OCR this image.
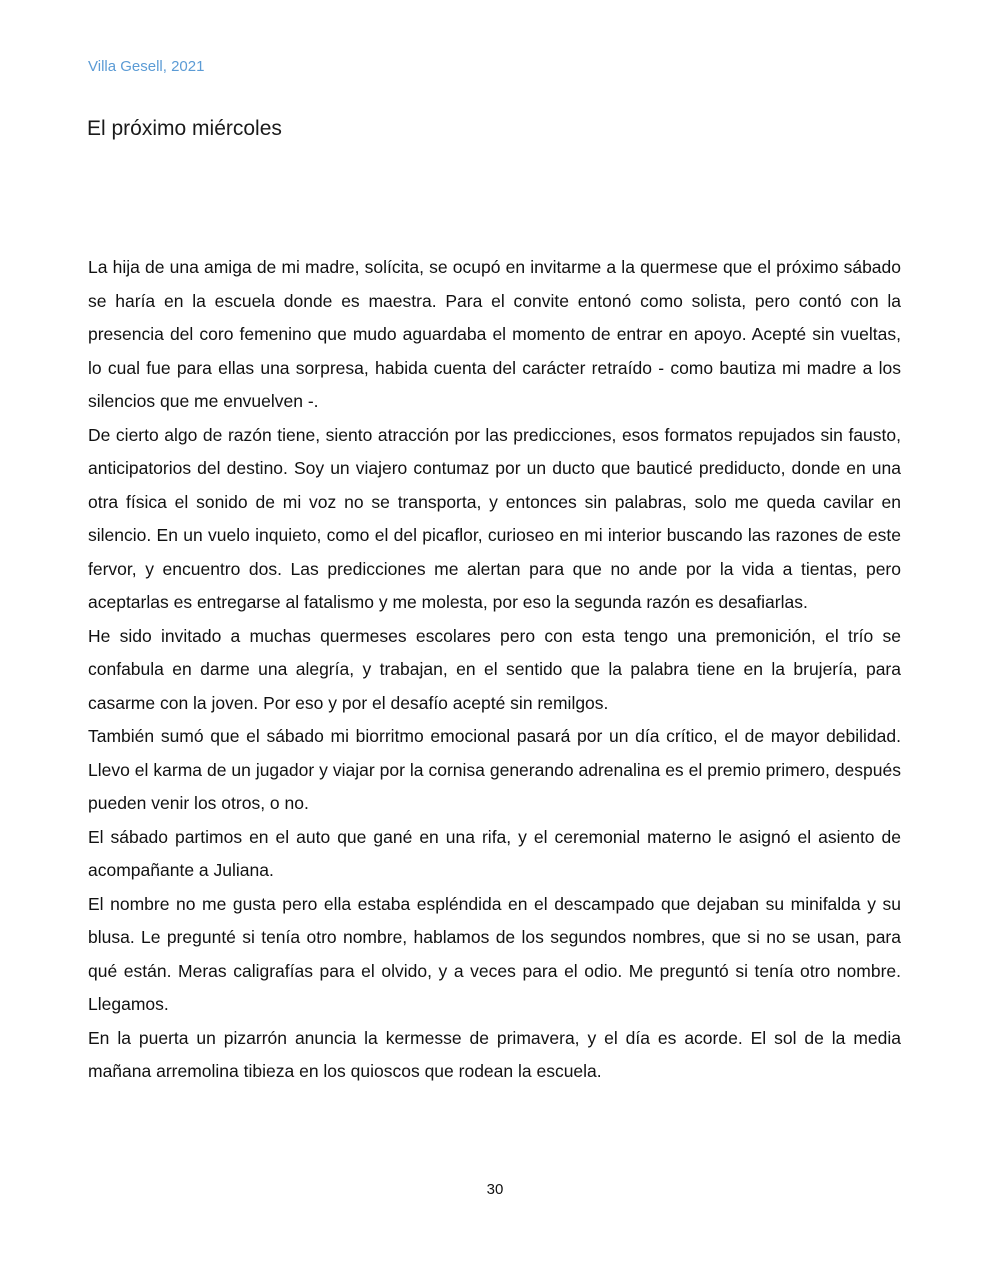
Villa Gesell, 2021
El próximo miércoles

La hija de una amiga de mi madre, solícita, se ocupó en invitarme a la quermese que el próximo sábado se haría en la escuela donde es maestra. Para el convite entonó como solista, pero contó con la presencia del coro femenino que mudo aguardaba el momento de entrar en apoyo. Acepté sin vueltas, lo cual fue para ellas una sorpresa, habida cuenta del carácter retraído - como bautiza mi madre a los silencios que me envuelven -.

De cierto algo de razón tiene, siento atracción por las predicciones, esos formatos repujados sin fausto, anticipatorios del destino. Soy un viajero contumaz por un ducto que bauticé prediducto, donde en una otra física el sonido de mi voz no se transporta, y entonces sin palabras, solo me queda cavilar en silencio. En un vuelo inquieto, como el del picaflor, curioseo en mi interior buscando las razones de este fervor, y encuentro dos. Las predicciones me alertan para que no ande por la vida a tientas, pero aceptarlas es entregarse al fatalismo y me molesta, por eso la segunda razón es desafiarlas.

He sido invitado a muchas quermeses escolares pero con esta tengo una premonición, el trío se confabula en darme una alegría, y trabajan, en el sentido que la palabra tiene en la brujería, para casarme con la joven. Por eso y por el desafío acepté sin remilgos.

También sumó que el sábado mi biorritmo emocional pasará por un día crítico, el de mayor debilidad. Llevo el karma de un jugador y viajar por la cornisa generando adrenalina es el premio primero, después pueden venir los otros, o no.

El sábado partimos en el auto que gané en una rifa, y el ceremonial materno le asignó el asiento de acompañante a Juliana.

El nombre no me gusta pero ella estaba espléndida en el descampado que dejaban su minifalda y su blusa. Le pregunté si tenía otro nombre, hablamos de los segundos nombres, que si no se usan, para qué están. Meras caligrafías para el olvido, y a veces para el odio. Me preguntó si tenía otro nombre. Llegamos.

En la puerta un pizarrón anuncia la kermesse de primavera, y el día es acorde. El sol de la media mañana arremolina tibieza en los quioscos que rodean la escuela.

30
